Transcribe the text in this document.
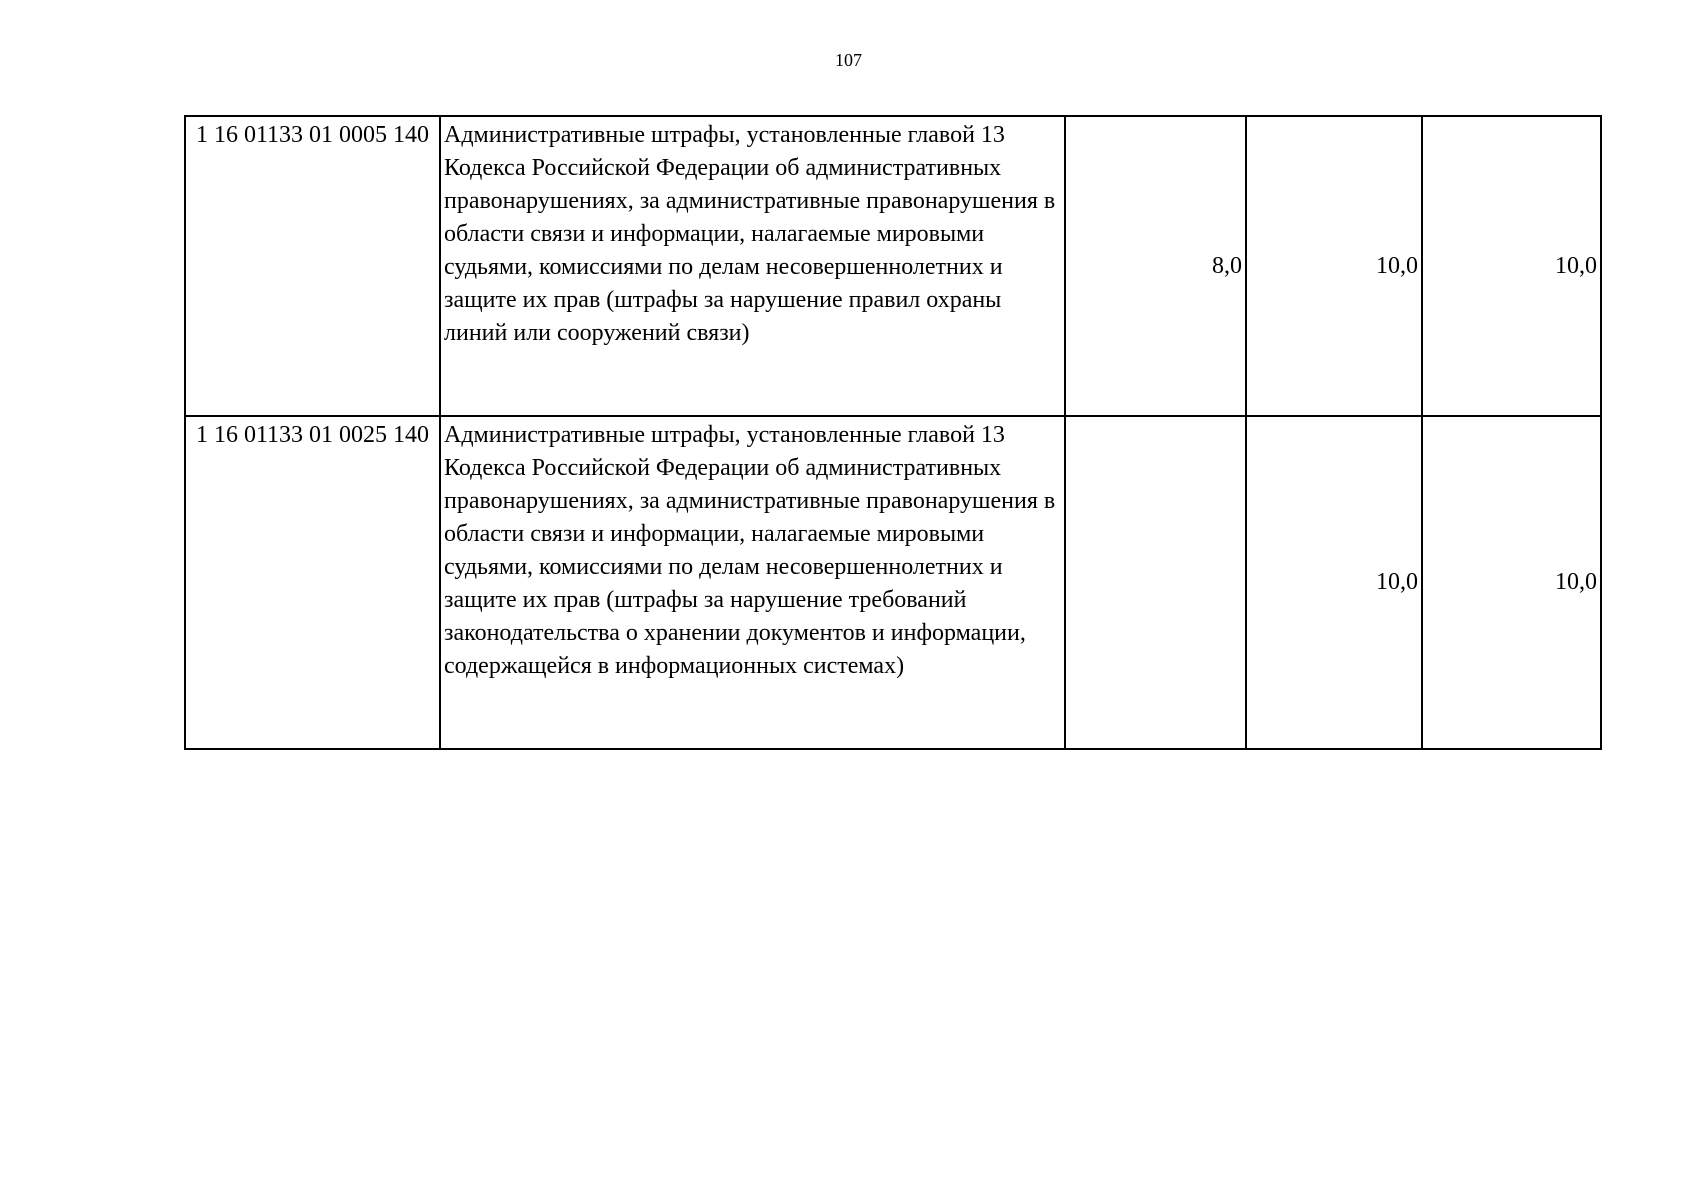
107
1 16 01133 01 0005 140	Административные штрафы, установленные главой 13 Кодекса Российской Федерации об административных правонарушениях, за административные правонарушения в области связи и информации, налагаемые мировыми судьями, комиссиями по делам несовершеннолетних и защите их прав (штрафы за нарушение правил охраны линий или сооружений связи)	8,0	10,0	10,0
1 16 01133 01 0025 140	Административные штрафы, установленные главой 13 Кодекса Российской Федерации об административных правонарушениях, за административные правонарушения в области связи и информации, налагаемые мировыми судьями, комиссиями по делам несовершеннолетних и защите их прав (штрафы за нарушение требований законодательства о хранении документов и информации, содержащейся в информационных системах)		10,0	10,0
